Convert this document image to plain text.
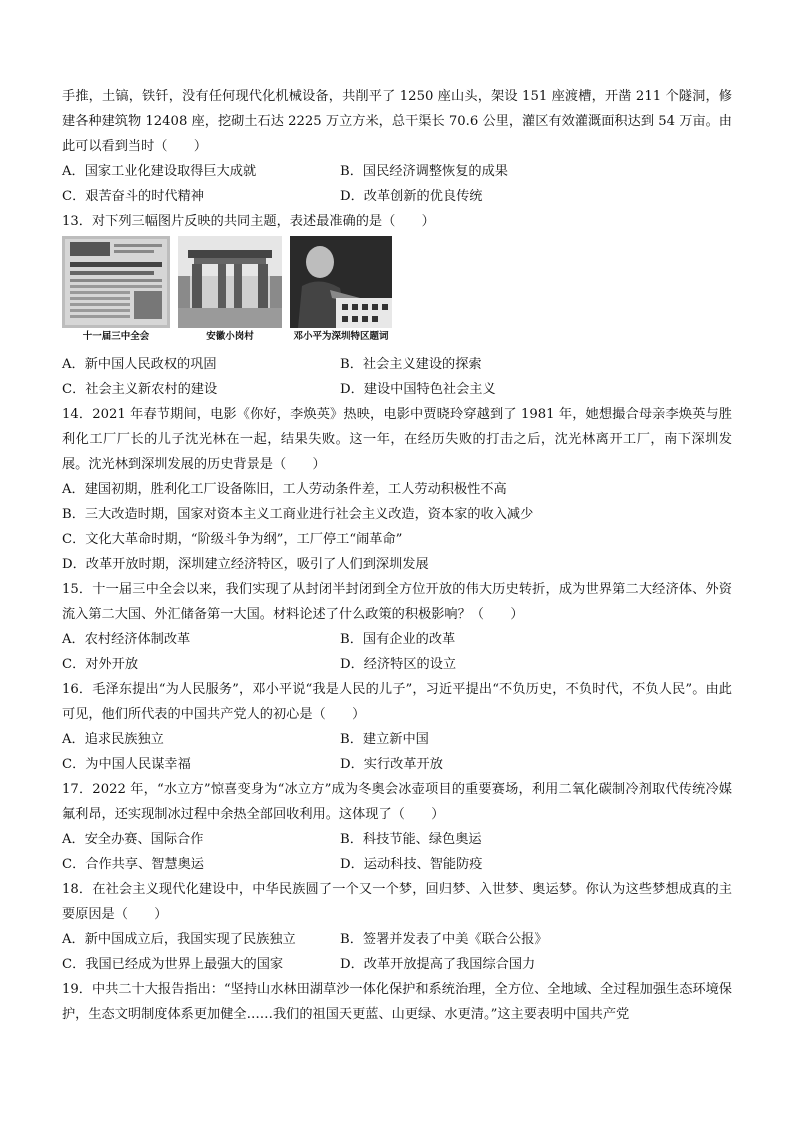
手推，土镐，铁钎，没有任何现代化机械设备，共削平了 1250 座山头，架设 151 座渡槽，开凿 211 个隧洞，修建各种建筑物 12408 座，挖砌土石达 2225 万立方米，总干渠长 70.6 公里，灌区有效灌溉面积达到 54 万亩。由此可以看到当时（　　）

A．国家工业化建设取得巨大成就	B．国民经济调整恢复的成果
C．艰苦奋斗的时代精神	D．改革创新的优良传统

13．对下列三幅图片反映的共同主题，表述最准确的是（　　）

十一届三中全会	安徽小岗村	邓小平为深圳特区题词
A．新中国人民政权的巩固	B．社会主义建设的探索
C．社会主义新农村的建设	D．建设中国特色社会主义

14．2021 年春节期间，电影《你好，李焕英》热映，电影中贾晓玲穿越到了 1981 年，她想撮合母亲李焕英与胜利化工厂厂长的儿子沈光林在一起，结果失败。这一年，在经历失败的打击之后，沈光林离开工厂，南下深圳发展。沈光林到深圳发展的历史背景是（　　）

A．建国初期，胜利化工厂设备陈旧，工人劳动条件差，工人劳动积极性不高
B．三大改造时期，国家对资本主义工商业进行社会主义改造，资本家的收入减少
C．文化大革命时期，“阶级斗争为纲”，工厂停工“闹革命”
D．改革开放时期，深圳建立经济特区，吸引了人们到深圳发展

15．十一届三中全会以来，我们实现了从封闭半封闭到全方位开放的伟大历史转折，成为世界第二大经济体、外资流入第二大国、外汇储备第一大国。材料论述了什么政策的积极影响？（　　）

A．农村经济体制改革	B．国有企业的改革
C．对外开放	D．经济特区的设立

16．毛泽东提出“为人民服务”，邓小平说“我是人民的儿子”，习近平提出“不负历史，不负时代，不负人民”。由此可见，他们所代表的中国共产党人的初心是（　　）

A．追求民族独立	B．建立新中国
C．为中国人民谋幸福	D．实行改革开放

17．2022 年，“水立方”惊喜变身为“冰立方”成为冬奥会冰壶项目的重要赛场，利用二氧化碳制冷剂取代传统冷媒氟利昂，还实现制冰过程中余热全部回收利用。这体现了（　　）

A．安全办赛、国际合作	B．科技节能、绿色奥运
C．合作共享、智慧奥运	D．运动科技、智能防疫

18．在社会主义现代化建设中，中华民族圆了一个又一个梦，回归梦、入世梦、奥运梦。你认为这些梦想成真的主要原因是（　　）

A．新中国成立后，我国实现了民族独立	B．签署并发表了中美《联合公报》
C．我国已经成为世界上最强大的国家	D．改革开放提高了我国综合国力

19．中共二十大报告指出：“坚持山水林田湖草沙一体化保护和系统治理，全方位、全地域、全过程加强生态环境保护，生态文明制度体系更加健全……我们的祖国天更蓝、山更绿、水更清。”这主要表明中国共产党
